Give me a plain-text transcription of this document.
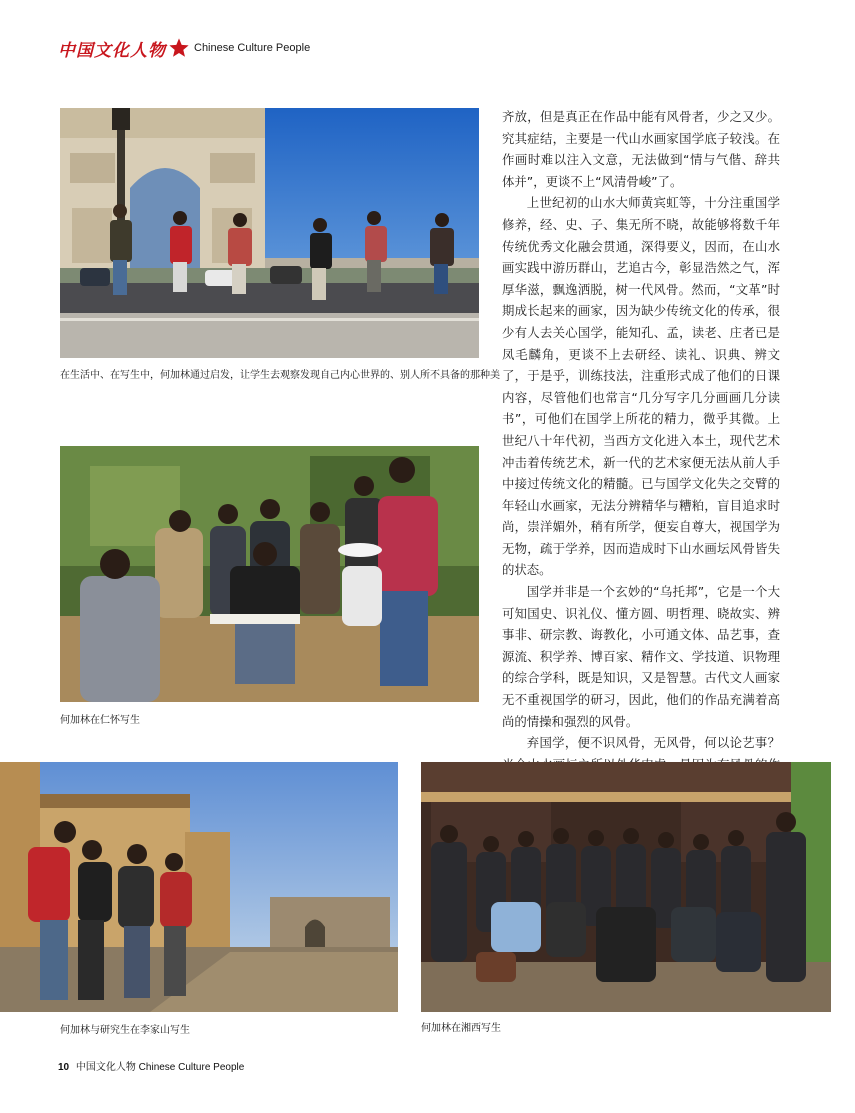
中国文化人物	Chinese Culture People
在生活中、在写生中，何加林通过启发，让学生去观察发现自己内心世界的、别人所不具备的那种美
何加林在仁怀写生

齐放，但是真正在作品中能有风骨者，少之又少。究其症结，主要是一代山水画家国学底子较浅。在作画时难以注入文意，无法做到“情与气偕、辞共体并”，更谈不上“风清骨峻”了。

上世纪初的山水大师黄宾虹等，十分注重国学修养，经、史、子、集无所不晓，故能够将数千年传统优秀文化融会贯通，深得要义，因而，在山水画实践中游历群山，艺追古今，彰显浩然之气，浑厚华滋，飘逸洒脱，树一代风骨。然而，“文革”时期成长起来的画家，因为缺少传统文化的传承，很少有人去关心国学，能知孔、孟，读老、庄者已是凤毛麟角，更谈不上去研经、读礼、识典、辨文了，于是乎，训练技法，注重形式成了他们的日课内容，尽管他们也常言“几分写字几分画画几分读书”，可他们在国学上所花的精力，微乎其微。上世纪八十年代初，当西方文化进入本土，现代艺术冲击着传统艺术，新一代的艺术家便无法从前人手中接过传统文化的精髓。已与国学文化失之交臂的年轻山水画家，无法分辨精华与糟粕，盲目追求时尚，崇洋媚外，稍有所学，便妄自尊大，视国学为无物，疏于学养，因而造成时下山水画坛风骨皆失的状态。

国学并非是一个玄妙的“乌托邦”，它是一个大可知国史、识礼仪、懂方圆、明哲理、晓故实、辨事非、研宗教、诲教化，小可通文体、品艺事，查源流、积学养、博百家、精作文、学技道、识物理的综合学科，既是知识，又是智慧。古代文人画家无不重视国学的研习，因此，他们的作品充满着高尚的情操和强烈的风骨。

弃国学，便不识风骨，无风骨，何以论艺事？

何加林与研究生在李家山写生	何加林在湘西写生
10 中国文化人物 Chinese Culture People
